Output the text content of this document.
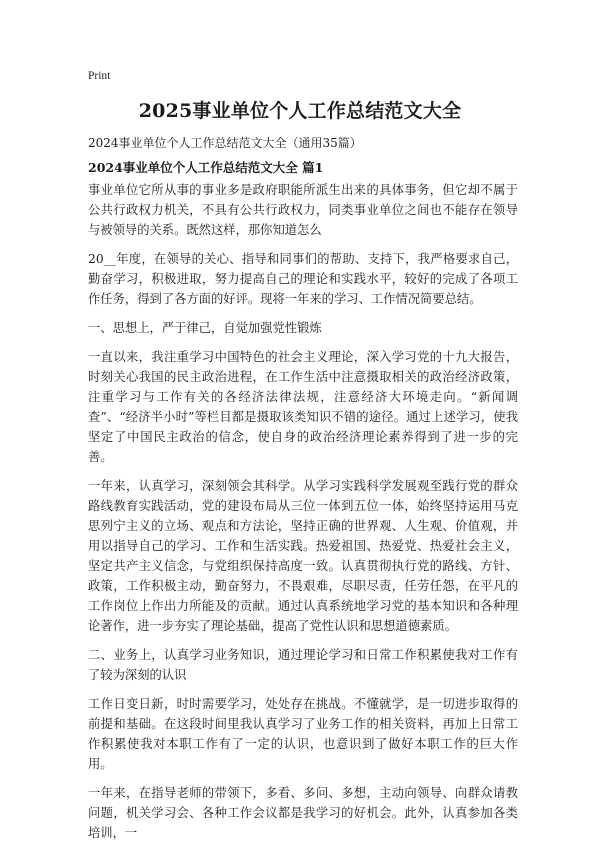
Print
2025事业单位个人工作总结范文大全
2024事业单位个人工作总结范文大全（通用35篇）
2024事业单位个人工作总结范文大全 篇1

事业单位它所从事的事业多是政府职能所派生出来的具体事务，但它却不属于公共行政权力机关，不具有公共行政权力，同类事业单位之间也不能存在领导与被领导的关系。既然这样，那你知道怎么

20__年度，在领导的关心、指导和同事们的帮助、支持下，我严格要求自己，勤奋学习，积极进取，努力提高自己的理论和实践水平，较好的完成了各项工作任务，得到了各方面的好评。现将一年来的学习、工作情况简要总结。

一、思想上，严于律己，自觉加强党性锻炼

一直以来，我注重学习中国特色的社会主义理论，深入学习党的十九大报告，时刻关心我国的民主政治进程，在工作生活中注意摄取相关的政治经济政策，注重学习与工作有关的各经济法律法规，注意经济大环境走向。“新闻调查”、“经济半小时”等栏目都是摄取该类知识不错的途径。通过上述学习，使我坚定了中国民主政治的信念，使自身的政治经济理论素养得到了进一步的完善。

一年来，认真学习，深刻领会其科学。从学习实践科学发展观至践行党的群众路线教育实践活动，党的建设布局从三位一体到五位一体，始终坚持运用马克思列宁主义的立场、观点和方法论，坚持正确的世界观、人生观、价值观，并用以指导自己的学习、工作和生活实践。热爱祖国、热爱党、热爱社会主义，坚定共产主义信念，与党组织保持高度一致。认真贯彻执行党的路线、方针、政策，工作积极主动，勤奋努力，不畏艰难，尽职尽责，任劳任怨，在平凡的工作岗位上作出力所能及的贡献。通过认真系统地学习党的基本知识和各种理论著作，进一步夯实了理论基础，提高了党性认识和思想道德素质。

二、业务上，认真学习业务知识，通过理论学习和日常工作积累使我对工作有了较为深刻的认识

工作日变日新，时时需要学习，处处存在挑战。不懂就学，是一切进步取得的前提和基础。在这段时间里我认真学习了业务工作的相关资料，再加上日常工作积累使我对本职工作有了一定的认识，也意识到了做好本职工作的巨大作用。

一年来，在指导老师的带领下，多看、多问、多想，主动向领导、向群众请教问题，机关学习会、各种工作会议都是我学习的好机会。此外，认真参加各类培训，一
